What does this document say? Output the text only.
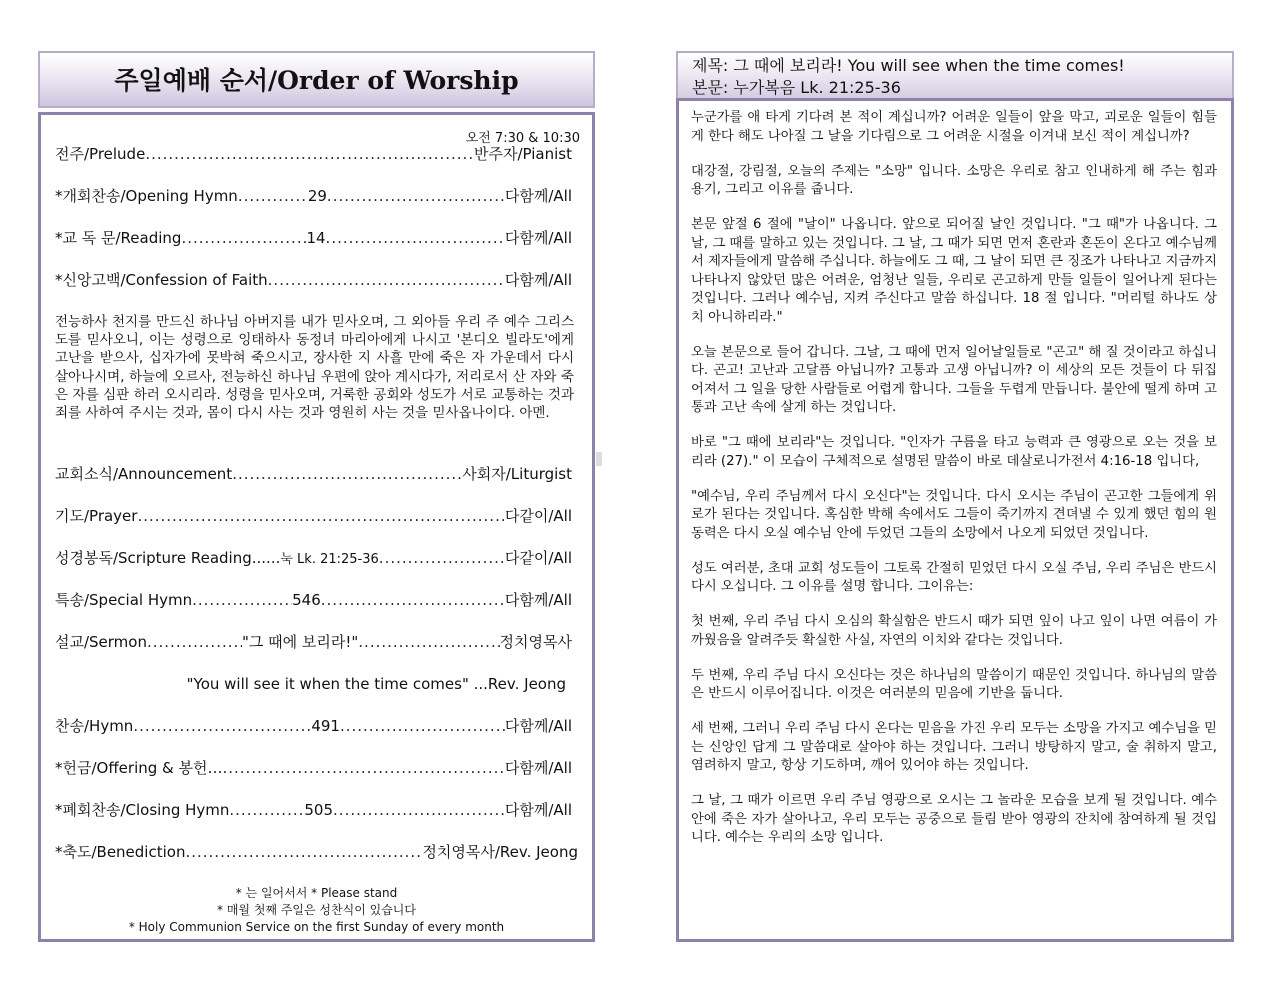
주일예배 순서/Order of Worship
오전 7:30 & 10:30
전주/Prelude .....	반주자/Pianist
*개회찬송/Opening Hymn .....	29 .....	다함께/All
*교 독 문/Reading .....	14 .....	다함께/All
*신앙고백/Confession of Faith .....	다함께/All
전능하사 천지를 만드신 하나님 아버지를 내가 믿사오며, 그 외아들 우리 주 예수 그리스도를 믿사오니, 이는 성령으로 잉태하사 동정녀 마리아에게 나시고 '본디오 빌라도'에게 고난을 받으사, 십자가에 못박혀 죽으시고, 장사한 지 사흘 만에 죽은 자 가운데서 다시 살아나시며, 하늘에 오르사, 전능하신 하나님 우편에 앉아 계시다가, 저리로서 산 자와 죽은 자를 심판 하러 오시리라. 성령을 믿사오며, 거룩한 공회와 성도가 서로 교통하는 것과 죄를 사하여 주시는 것과, 몸이 다시 사는 것과 영원히 사는 것을 믿사옵나이다. 아멘.
교회소식/Announcement .....	사회자/Liturgist
기도/Prayer .....	다같이/All
성경봉독/Scripture Reading...... 눅 Lk. 21:25-36 .....	다같이/All
특송/Special Hymn .....	546 .....	다함께/All
설교/Sermon .....	"그 때에 보리라!" .....	정치영목사
"You will see it when the time comes" ...Rev. Jeong
찬송/Hymn .....	491 .....	다함께/All
*헌금/Offering & 봉헌… .....	다함께/All
*폐회찬송/Closing Hymn .....	505 .....	다함께/All
*축도/Benediction .....	정치영목사/Rev. Jeong
* 는 일어서서 * Please stand
* 매월 첫째 주일은 성찬식이 있습니다
* Holy Communion Service on the first Sunday of every month
제목: 그 때에 보리라! You will see when the time comes!
본문: 누가복음 Lk. 21:25-36

누군가를 애 타게 기다려 본 적이 계십니까? 어려운 일들이 앞을 막고, 괴로운 일들이 힘들게 한다 해도 나아질 그 날을 기다림으로 그 어려운 시절을 이겨내 보신 적이 계십니까?

대강절, 강림절, 오늘의 주제는 "소망" 입니다. 소망은 우리로 참고 인내하게 해 주는 힘과 용기, 그리고 이유를 줍니다.

본문 앞절 6 절에 "날이" 나옵니다. 앞으로 되어질 날인 것입니다. "그 때"가 나옵니다. 그 날, 그 때를 말하고 있는 것입니다. 그 날, 그 때가 되면 먼저 혼란과 혼돈이 온다고 예수님께서 제자들에게 말씀해 주십니다. 하늘에도 그 때, 그 날이 되면 큰 징조가 나타나고 지금까지 나타나지 않았던 많은 어려운, 엄청난 일들, 우리로 곤고하게 만들 일들이 일어나게 된다는 것입니다. 그러나 예수님, 지켜 주신다고 말씀 하십니다. 18 절 입니다. "머리털 하나도 상치 아니하리라."

오늘 본문으로 들어 갑니다. 그날, 그 때에 먼저 일어날일들로 "곤고" 해 질 것이라고 하십니다. 곤고! 고난과 고달픔 아닙니까? 고통과 고생 아닙니까? 이 세상의 모든 것들이 다 뒤집어져서 그 일을 당한 사람들로 어렵게 합니다. 그들을 두렵게 만듭니다. 불안에 떨게 하며 고통과 고난 속에 살게 하는 것입니다.

바로 "그 때에 보리라"는 것입니다. "인자가 구름을 타고 능력과 큰 영광으로 오는 것을 보리라 (27)." 이 모습이 구체적으로 설명된 말씀이 바로 데살로니가전서 4:16-18 입니다,

"예수님, 우리 주님께서 다시 오신다"는 것입니다. 다시 오시는 주님이 곤고한 그들에게 위로가 된다는 것입니다. 혹심한 박해 속에서도 그들이 죽기까지 견뎌낼 수 있게 했던 힘의 원동력은 다시 오실 예수님 안에 두었던 그들의 소망에서 나오게 되었던 것입니다.

성도 여러분, 초대 교회 성도들이 그토록 간절히 믿었던 다시 오실 주님, 우리 주님은 반드시 다시 오십니다. 그 이유를 설명 합니다. 그이유는:

첫 번째, 우리 주님 다시 오심의 확실함은 반드시 때가 되면 잎이 나고 잎이 나면 여름이 가까웠음을 알려주듯 확실한 사실, 자연의 이치와 같다는 것입니다.

두 번째, 우리 주님 다시 오신다는 것은 하나님의 말씀이기 때문인 것입니다. 하나님의 말씀은 반드시 이루어집니다. 이것은 여러분의 믿음에 기반을 둡니다.

세 번째, 그러니 우리 주님 다시 온다는 믿음을 가진 우리 모두는 소망을 가지고 예수님을 믿는 신앙인 답게 그 말씀대로 살아야 하는 것입니다. 그러니 방탕하지 말고, 술 취하지 말고, 염려하지 말고, 항상 기도하며, 깨어 있어야 하는 것입니다.

그 날, 그 때가 이르면 우리 주님 영광으로 오시는 그 놀라운 모습을 보게 될 것입니다. 예수 안에 죽은 자가 살아나고, 우리 모두는 공중으로 들림 받아 영광의 잔치에 참여하게 될 것입니다. 예수는 우리의 소망 입니다.
